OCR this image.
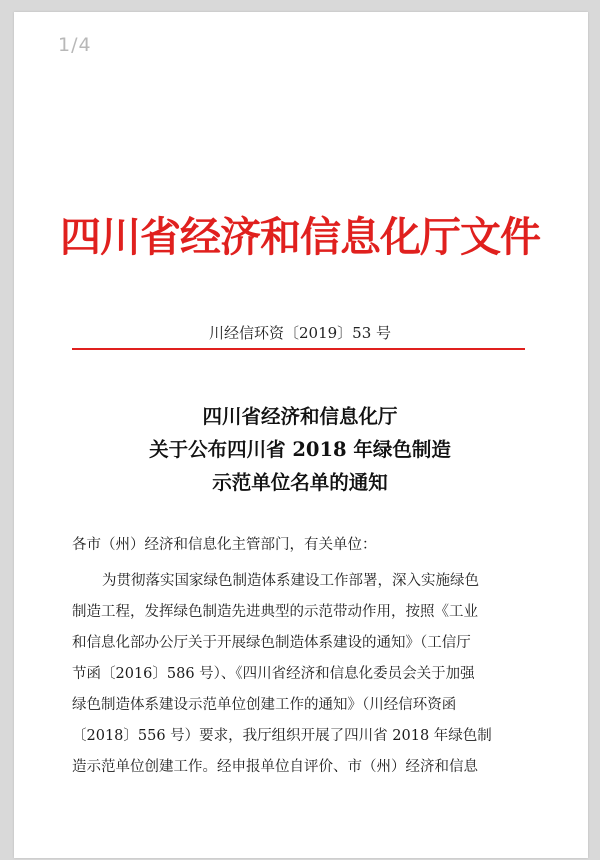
1/4
四川省经济和信息化厅文件
川经信环资〔2019〕53 号
四川省经济和信息化厅
关于公布四川省 2018 年绿色制造
示范单位名单的通知
各市（州）经济和信息化主管部门，有关单位：
为贯彻落实国家绿色制造体系建设工作部署，深入实施绿色
制造工程，发挥绿色制造先进典型的示范带动作用，按照《工业
和信息化部办公厅关于开展绿色制造体系建设的通知》（工信厅
节函〔2016〕586 号）、《四川省经济和信息化委员会关于加强
绿色制造体系建设示范单位创建工作的通知》（川经信环资函
〔2018〕556 号）要求，我厅组织开展了四川省 2018 年绿色制
造示范单位创建工作。经申报单位自评价、市（州）经济和信息
